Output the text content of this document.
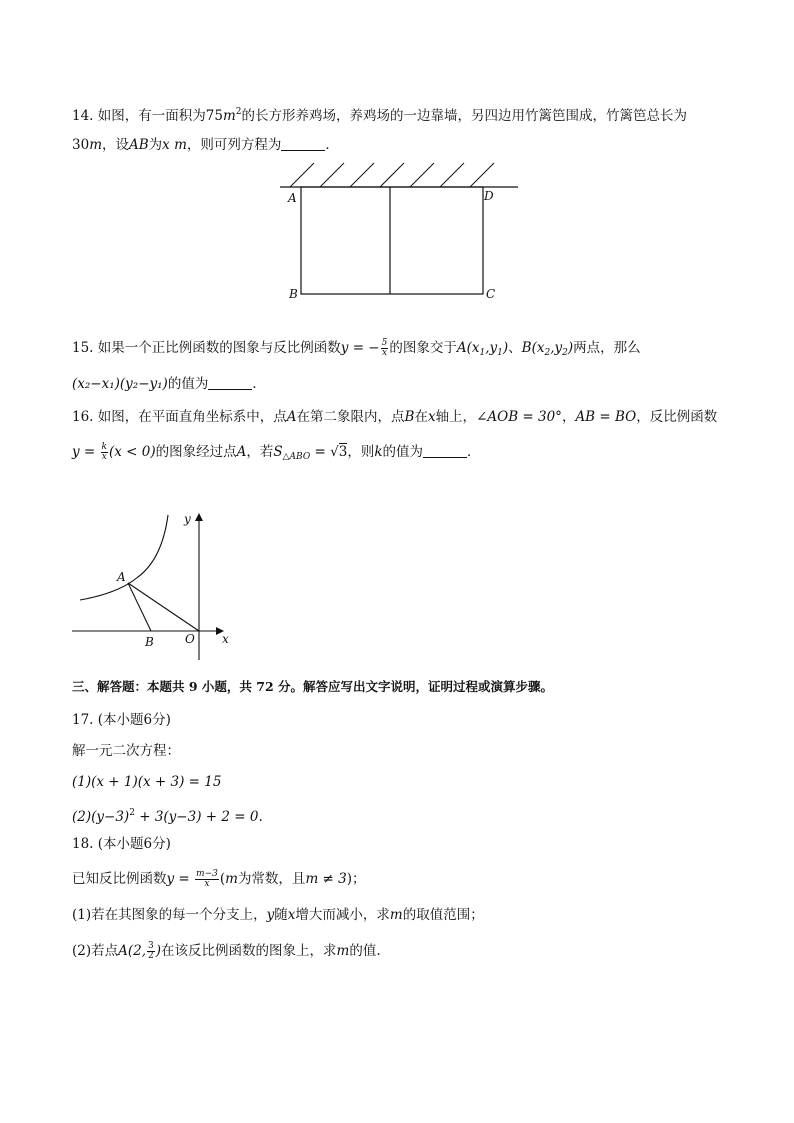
14. 如图，有一面积为$75m^2$的长方形养鸡场，养鸡场的一边靠墙，另四边用竹篱笆围成，竹篱笆总长为
30m，设AB为x m，则可列方程为	．
A	D
B	C
15. 如果一个正比例函数的图象与反比例函数y = − $\frac{5}{x}$ 的图象交于$A(x_1,y_1)$、$B(x_2,y_2)$两点，那么
(x₂−x₁)(y₂−y₁)的值为	．
16. 如图，在平面直角坐标系中，点A在第二象限内，点B在x轴上，∠AOB = 30°，AB = BO，反比例函数
$y = \frac{k}{x} (x < 0)$的图象经过点A，若$S_{\triangle ABO} = √3$，则k的值为	．
y
A
B	O x
三、解答题：本题共 9 小题，共 72 分。解答应写出文字说明，证明过程或演算步骤。
17. (本小题6分)
解一元二次方程：
(1)(x + 1)(x + 3) = 15
$(2)(y-3)^2 + 3(y-3) + 2 = 0$.
18. (本小题6分)
已知反比例函数$y = \frac{m-3}{x} (m$为常数，且m ≠ 3)；
(1)若在其图象的每一个分支上，y随x增大而减小，求m的取值范围；
(2)若点A(2, $\frac{3}{2}$ )在该反比例函数的图象上，求m的值.
